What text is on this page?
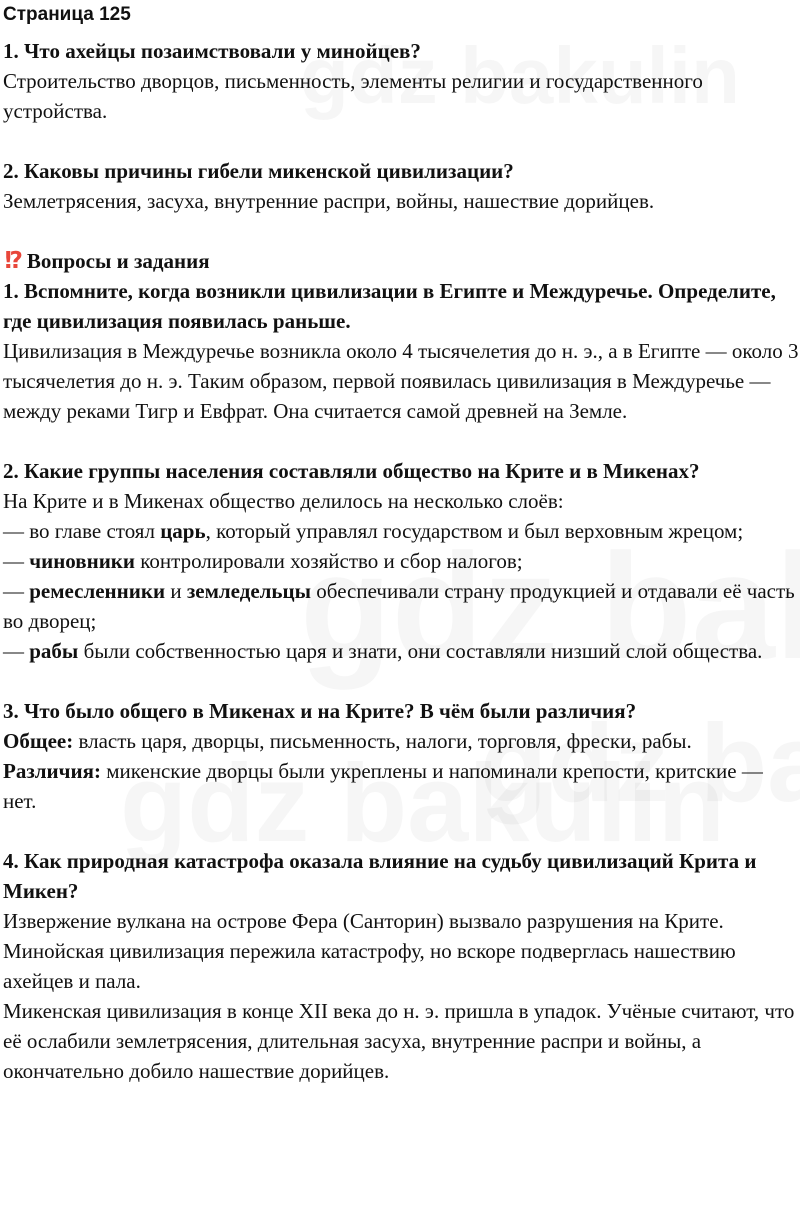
Страница 125

1. Что ахейцы позаимствовали у минойцев?

Строительство дворцов, письменность, элементы религии и государственного устройства.

2. Каковы причины гибели микенской цивилизации?

Землетрясения, засуха, внутренние распри, войны, нашествие дорийцев.

!? Вопросы и задания

1. Вспомните, когда возникли цивилизации в Египте и Междуречье. Определите, где цивилизация появилась раньше.

Цивилизация в Междуречье возникла около 4 тысячелетия до н. э., а в Египте — около 3 тысячелетия до н. э. Таким образом, первой появилась цивилизация в Междуречье — между реками Тигр и Евфрат. Она считается самой древней на Земле.

2. Какие группы населения составляли общество на Крите и в Микенах?

На Крите и в Микенах общество делилось на несколько слоёв:

— во главе стоял царь, который управлял государством и был верховным жрецом;

— чиновники контролировали хозяйство и сбор налогов;

— ремесленники и земледельцы обеспечивали страну продукцией и отдавали её часть во дворец;

— рабы были собственностью царя и знати, они составляли низший слой общества.

3. Что было общего в Микенах и на Крите? В чём были различия?

Общее: власть царя, дворцы, письменность, налоги, торговля, фрески, рабы.

Различия: микенские дворцы были укреплены и напоминали крепости, критские — нет.

4. Как природная катастрофа оказала влияние на судьбу цивилизаций Крита и Микен?

Извержение вулкана на острове Фера (Санторин) вызвало разрушения на Крите. Минойская цивилизация пережила катастрофу, но вскоре подверглась нашествию ахейцев и пала.

Микенская цивилизация в конце XII века до н. э. пришла в упадок. Учёные считают, что её ослабили землетрясения, длительная засуха, внутренние распри и войны, а окончательно добило нашествие дорийцев.
